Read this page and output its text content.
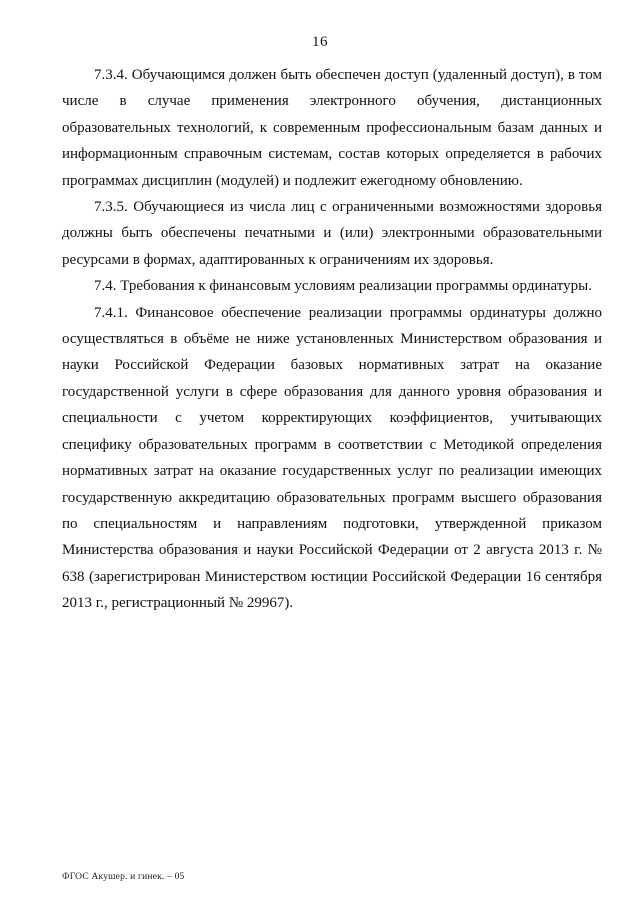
16

7.3.4. Обучающимся должен быть обеспечен доступ (удаленный доступ), в том числе в случае применения электронного обучения, дистанционных образовательных технологий, к современным профессиональным базам данных и информационным справочным системам, состав которых определяется в рабочих программах дисциплин (модулей) и подлежит ежегодному обновлению.

7.3.5. Обучающиеся из числа лиц с ограниченными возможностями здоровья должны быть обеспечены печатными и (или) электронными образовательными ресурсами в формах, адаптированных к ограничениям их здоровья.

7.4. Требования к финансовым условиям реализации программы ординатуры.

7.4.1. Финансовое обеспечение реализации программы ординатуры должно осуществляться в объёме не ниже установленных Министерством образования и науки Российской Федерации базовых нормативных затрат на оказание государственной услуги в сфере образования для данного уровня образования и специальности с учетом корректирующих коэффициентов, учитывающих специфику образовательных программ в соответствии с Методикой определения нормативных затрат на оказание государственных услуг по реализации имеющих государственную аккредитацию образовательных программ высшего образования по специальностям и направлениям подготовки, утвержденной приказом Министерства образования и науки Российской Федерации от 2 августа 2013 г. № 638 (зарегистрирован Министерством юстиции Российской Федерации 16 сентября 2013 г., регистрационный № 29967).

ФГОС Акушер. и гинек. – 05
